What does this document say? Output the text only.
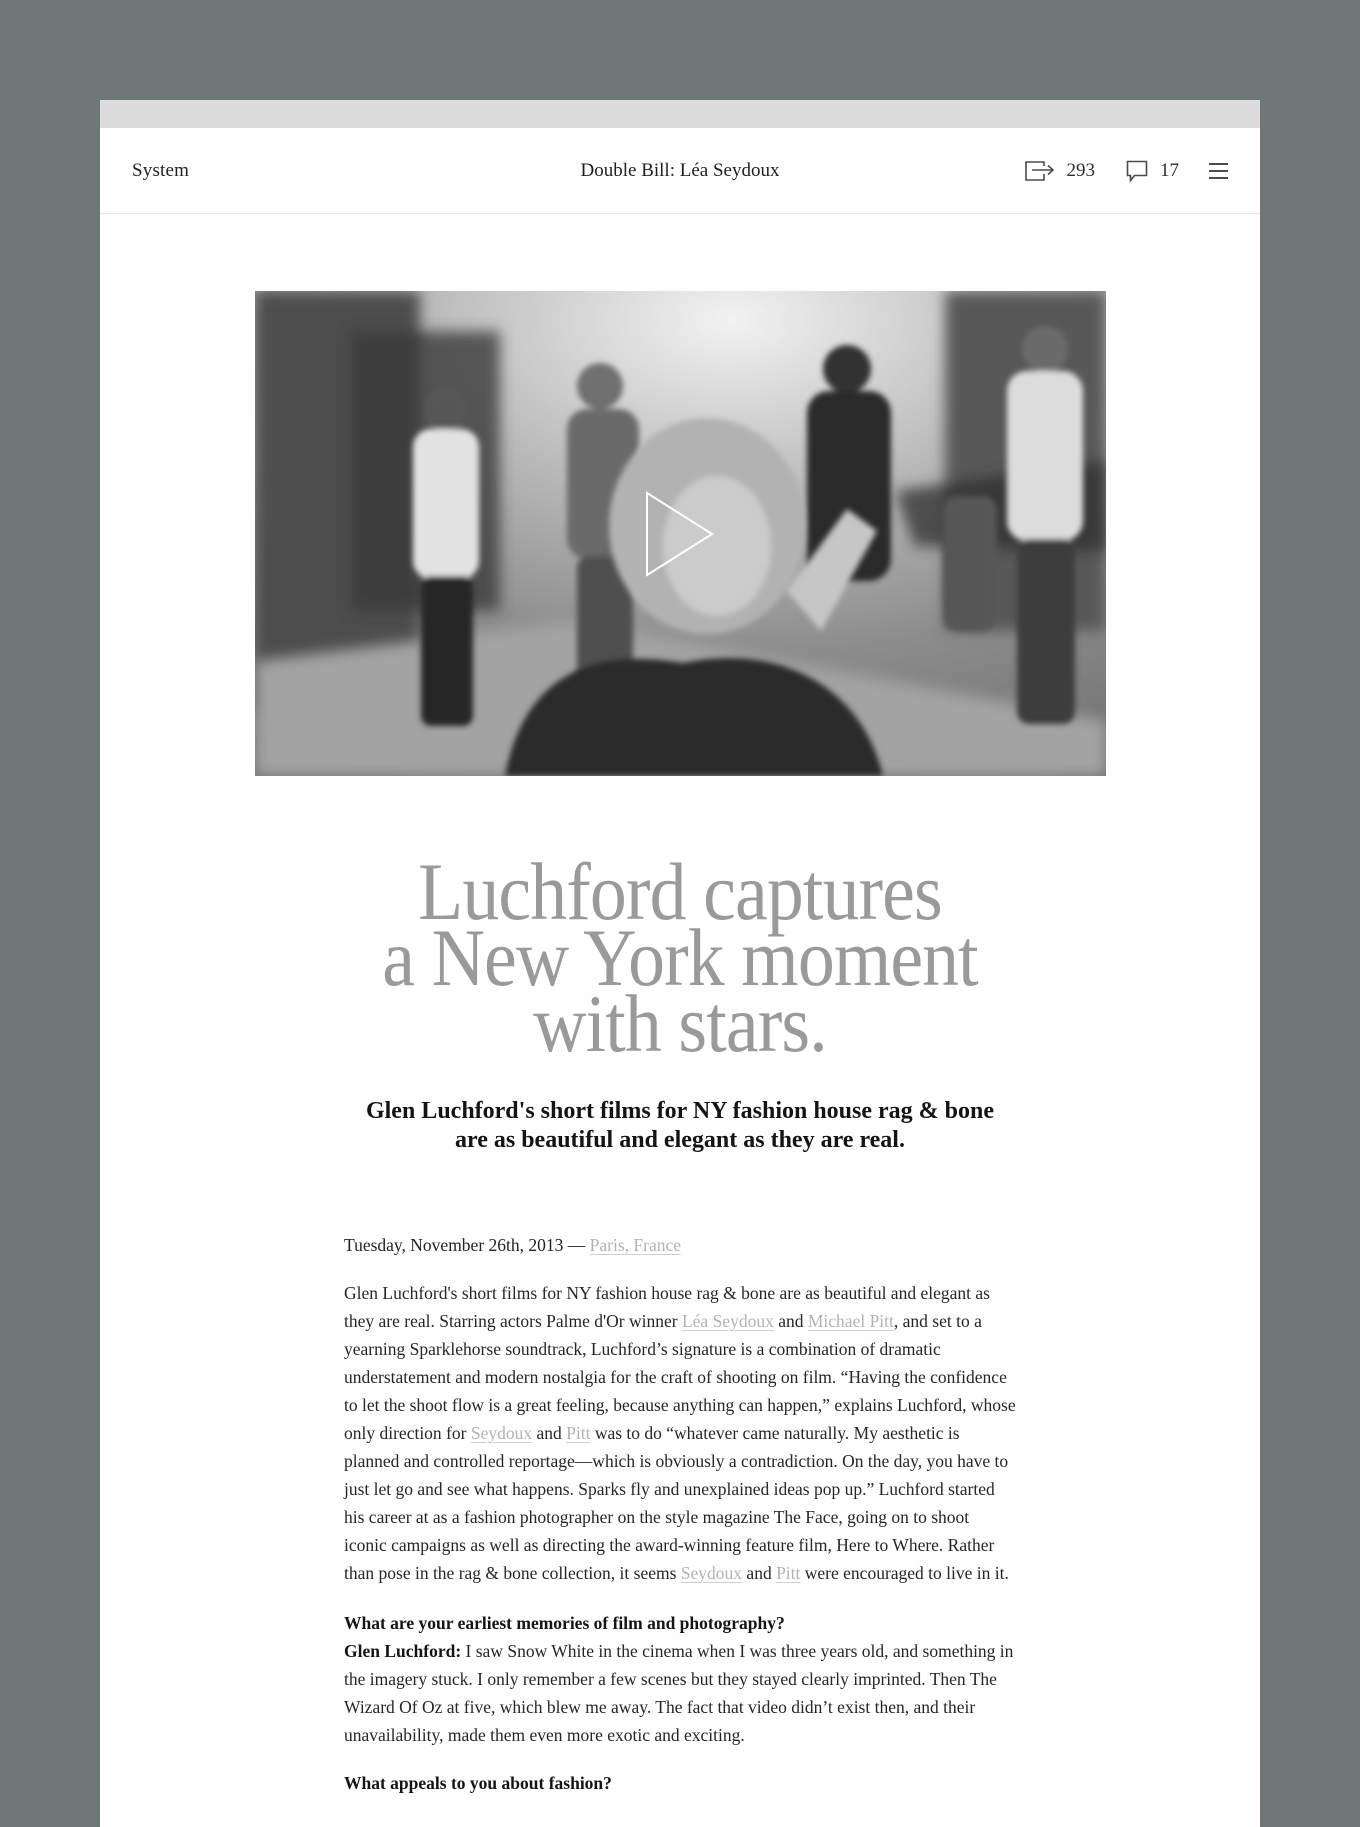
System	Double Bill: Léa Seydoux	293	17
Luchford captures
a New York moment
with stars.
Glen Luchford's short films for NY fashion house rag & bone
are as beautiful and elegant as they are real.
Tuesday, November 26th, 2013 — Paris, France

Glen Luchford's short films for NY fashion house rag & bone are as beautiful and elegant as they are real. Starring actors Palme d'Or winner Léa Seydoux and Michael Pitt, and set to a yearning Sparklehorse soundtrack, Luchford’s signature is a combination of dramatic understatement and modern nostalgia for the craft of shooting on film. “Having the confidence to let the shoot flow is a great feeling, because anything can happen,” explains Luchford, whose only direction for Seydoux and Pitt was to do “whatever came naturally. My aesthetic is planned and controlled reportage—which is obviously a contradiction. On the day, you have to just let go and see what happens. Sparks fly and unexplained ideas pop up.” Luchford started his career at as a fashion photographer on the style magazine The Face, going on to shoot iconic campaigns as well as directing the award-winning feature film, Here to Where. Rather than pose in the rag & bone collection, it seems Seydoux and Pitt were encouraged to live in it.

What are your earliest memories of film and photography?

Glen Luchford: I saw Snow White in the cinema when I was three years old, and something in the imagery stuck. I only remember a few scenes but they stayed clearly imprinted. Then The Wizard Of Oz at five, which blew me away. The fact that video didn’t exist then, and their unavailability, made them even more exotic and exciting.

What appeals to you about fashion?
